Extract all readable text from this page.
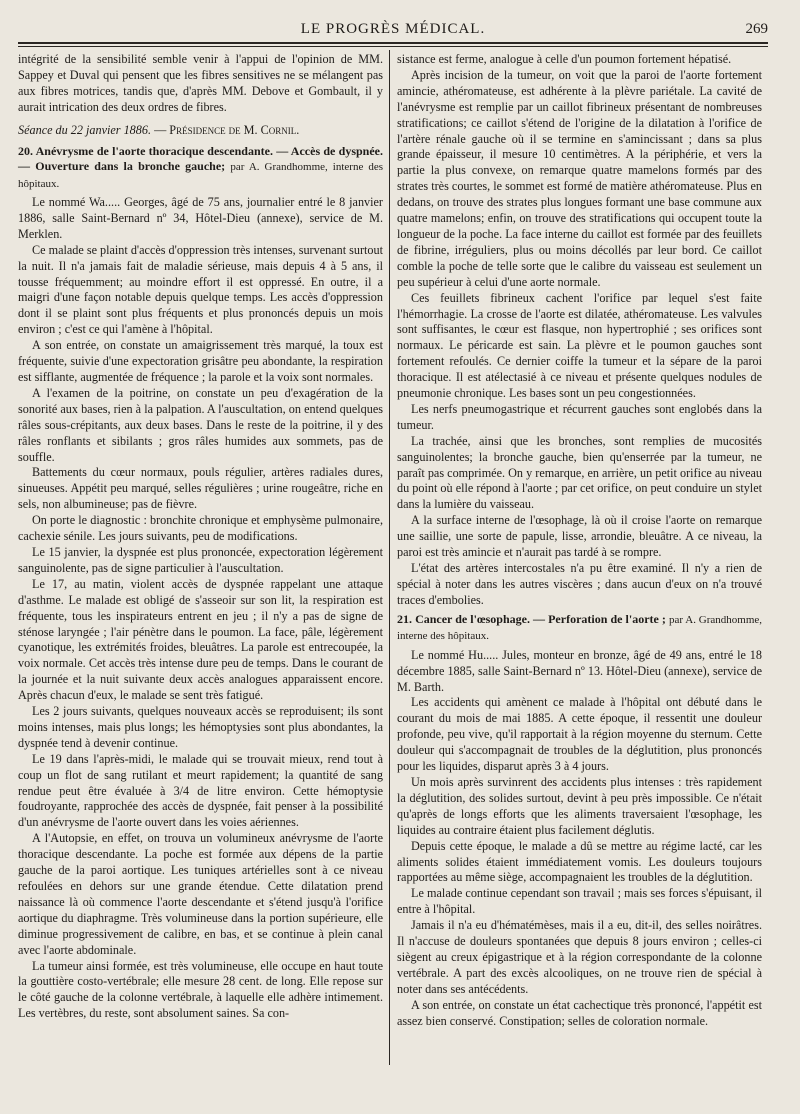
LE PROGRÈS MÉDICAL.	269

intégrité de la sensibilité semble venir à l'appui de l'opinion de MM. Sappey et Duval qui pensent que les fibres sensitives ne se mélangent pas aux fibres motrices, tandis que, d'après MM. Debove et Gombault, il y aurait intrication des deux ordres de fibres.

Séance du 22 janvier 1886. — Présidence de M. Cornil.

20. Anévrysme de l'aorte thoracique descendante. — Accès de dyspnée. — Ouverture dans la bronche gauche; par A. Grandhomme, interne des hôpitaux.

Le nommé Wa..... Georges, âgé de 75 ans, journalier entré le 8 janvier 1886, salle Saint-Bernard nº 34, Hôtel-Dieu (annexe), service de M. Merklen.

Ce malade se plaint d'accès d'oppression très intenses, survenant surtout la nuit. Il n'a jamais fait de maladie sérieuse, mais depuis 4 à 5 ans, il tousse fréquemment; au moindre effort il est oppressé. En outre, il a maigri d'une façon notable depuis quelque temps. Les accès d'oppression dont il se plaint sont plus fréquents et plus prononcés depuis un mois environ ; c'est ce qui l'amène à l'hôpital.

A son entrée, on constate un amaigrissement très marqué, la toux est fréquente, suivie d'une expectoration grisâtre peu abondante, la respiration est sifflante, augmentée de fréquence ; la parole et la voix sont normales.

A l'examen de la poitrine, on constate un peu d'exagération de la sonorité aux bases, rien à la palpation. A l'auscultation, on entend quelques râles sous-crépitants, aux deux bases. Dans le reste de la poitrine, il y des râles ronflants et sibilants ; gros râles humides aux sommets, pas de souffle.

Battements du cœur normaux, pouls régulier, artères radiales dures, sinueuses. Appétit peu marqué, selles régulières ; urine rougeâtre, riche en sels, non albumineuse; pas de fièvre.

On porte le diagnostic : bronchite chronique et emphysème pulmonaire, cachexie sénile. Les jours suivants, peu de modifications.

Le 15 janvier, la dyspnée est plus prononcée, expectoration légèrement sanguinolente, pas de signe particulier à l'auscultation.

Le 17, au matin, violent accès de dyspnée rappelant une attaque d'asthme. Le malade est obligé de s'asseoir sur son lit, la respiration est fréquente, tous les inspirateurs entrent en jeu ; il n'y a pas de signe de sténose laryngée ; l'air pénètre dans le poumon. La face, pâle, légèrement cyanotique, les extrémités froides, bleuâtres. La parole est entrecoupée, la voix normale. Cet accès très intense dure peu de temps. Dans le courant de la journée et la nuit suivante deux accès analogues apparaissent encore. Après chacun d'eux, le malade se sent très fatigué.

Les 2 jours suivants, quelques nouveaux accès se reproduisent; ils sont moins intenses, mais plus longs; les hémoptysies sont plus abondantes, la dyspnée tend à devenir continue.

Le 19 dans l'après-midi, le malade qui se trouvait mieux, rend tout à coup un flot de sang rutilant et meurt rapidement; la quantité de sang rendue peut être évaluée à 3/4 de litre environ. Cette hémoptysie foudroyante, rapprochée des accès de dyspnée, fait penser à la possibilité d'un anévrysme de l'aorte ouvert dans les voies aériennes.

A l'Autopsie, en effet, on trouva un volumineux anévrysme de l'aorte thoracique descendante. La poche est formée aux dépens de la partie gauche de la paroi aortique. Les tuniques artérielles sont à ce niveau refoulées en dehors sur une grande étendue. Cette dilatation prend naissance là où commence l'aorte descendante et s'étend jusqu'à l'orifice aortique du diaphragme. Très volumineuse dans la portion supérieure, elle diminue progressivement de calibre, en bas, et se continue à plein canal avec l'aorte abdominale.

La tumeur ainsi formée, est très volumineuse, elle occupe en haut toute la gouttière costo-vertébrale; elle mesure 28 cent. de long. Elle repose sur le côté gauche de la colonne vertébrale, à laquelle elle adhère intimement. Les vertèbres, du reste, sont absolument saines. Sa con-

sistance est ferme, analogue à celle d'un poumon fortement hépatisé.

Après incision de la tumeur, on voit que la paroi de l'aorte fortement amincie, athéromateuse, est adhérente à la plèvre pariétale. La cavité de l'anévrysme est remplie par un caillot fibrineux présentant de nombreuses stratifications; ce caillot s'étend de l'origine de la dilatation à l'orifice de l'artère rénale gauche où il se termine en s'amincissant ; dans sa plus grande épaisseur, il mesure 10 centimètres. A la périphérie, et vers la partie la plus convexe, on remarque quatre mamelons formés par des strates très courtes, le sommet est formé de matière athéromateuse. Plus en dedans, on trouve des strates plus longues formant une base commune aux quatre mamelons; enfin, on trouve des stratifications qui occupent toute la longueur de la poche. La face interne du caillot est formée par des feuillets de fibrine, irréguliers, plus ou moins décollés par leur bord. Ce caillot comble la poche de telle sorte que le calibre du vaisseau est seulement un peu supérieur à celui d'une aorte normale.

Ces feuillets fibrineux cachent l'orifice par lequel s'est faite l'hémorrhagie. La crosse de l'aorte est dilatée, athéromateuse. Les valvules sont suffisantes, le cœur est flasque, non hypertrophié ; ses orifices sont normaux. Le péricarde est sain. La plèvre et le poumon gauches sont fortement refoulés. Ce dernier coiffe la tumeur et la sépare de la paroi thoracique. Il est atélectasié à ce niveau et présente quelques nodules de pneumonie chronique. Les bases sont un peu congestionnées.

Les nerfs pneumogastrique et récurrent gauches sont englobés dans la tumeur.

La trachée, ainsi que les bronches, sont remplies de mucosités sanguinolentes; la bronche gauche, bien qu'enserrée par la tumeur, ne paraît pas comprimée. On y remarque, en arrière, un petit orifice au niveau du point où elle répond à l'aorte ; par cet orifice, on peut conduire un stylet dans la lumière du vaisseau.

A la surface interne de l'œsophage, là où il croise l'aorte on remarque une saillie, une sorte de papule, lisse, arrondie, bleuâtre. A ce niveau, la paroi est très amincie et n'aurait pas tardé à se rompre.

L'état des artères intercostales n'a pu être examiné. Il n'y a rien de spécial à noter dans les autres viscères ; dans aucun d'eux on n'a trouvé traces d'embolies.

21. Cancer de l'œsophage. — Perforation de l'aorte ; par A. Grandhomme, interne des hôpitaux.

Le nommé Hu..... Jules, monteur en bronze, âgé de 49 ans, entré le 18 décembre 1885, salle Saint-Bernard nº 13. Hôtel-Dieu (annexe), service de M. Barth.

Les accidents qui amènent ce malade à l'hôpital ont débuté dans le courant du mois de mai 1885. A cette époque, il ressentit une douleur profonde, peu vive, qu'il rapportait à la région moyenne du sternum. Cette douleur qui s'accompagnait de troubles de la déglutition, plus prononcés pour les liquides, disparut après 3 à 4 jours.

Un mois après survinrent des accidents plus intenses : très rapidement la déglutition, des solides surtout, devint à peu près impossible. Ce n'était qu'après de longs efforts que les aliments traversaient l'œsophage, les liquides au contraire étaient plus facilement déglutis.

Depuis cette époque, le malade a dû se mettre au régime lacté, car les aliments solides étaient immédiatement vomis. Les douleurs toujours rapportées au même siège, accompagnaient les troubles de la déglutition.

Le malade continue cependant son travail ; mais ses forces s'épuisant, il entre à l'hôpital.

Jamais il n'a eu d'hématémèses, mais il a eu, dit-il, des selles noirâtres. Il n'accuse de douleurs spontanées que depuis 8 jours environ ; celles-ci siègent au creux épigastrique et à la région correspondante de la colonne vertébrale. A part des excès alcooliques, on ne trouve rien de spécial à noter dans ses antécédents.

A son entrée, on constate un état cachectique très prononcé, l'appétit est assez bien conservé. Constipation; selles de coloration normale.
